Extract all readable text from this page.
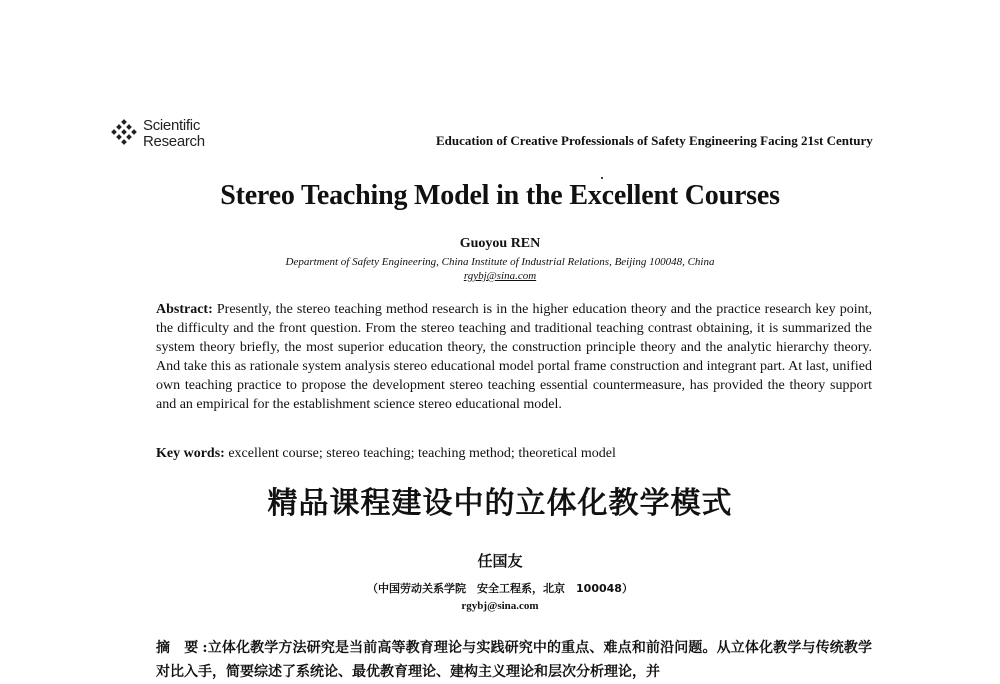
Scientific
Research	Education of Creative Professionals of Safety Engineering Facing 21st Century
Stereo Teaching Model in the Excellent Courses
Guoyou REN
Department of Safety Engineering, China Institute of Industrial Relations, Beijing 100048, China
rgybj@sina.com

Abstract: Presently, the stereo teaching method research is in the higher education theory and the practice research key point, the difficulty and the front question. From the stereo teaching and traditional teaching contrast obtaining, it is summarized the system theory briefly, the most superior education theory, the construction principle theory and the analytic hierarchy theory. And take this as rationale system analysis stereo educational model portal frame construction and integrant part. At last, unified own teaching practice to propose the development stereo teaching essential countermeasure, has provided the theory support and an empirical for the establishment science stereo educational model.

Key words: excellent course; stereo teaching; teaching method; theoretical model

精品课程建设中的立体化教学模式
任国友
（中国劳动关系学院　安全工程系，北京　100048）
rgybj@sina.com

摘　要 :立体化教学方法研究是当前高等教育理论与实践研究中的重点、难点和前沿问题。从立体化教学与传统教学对比入手，简要综述了系统论、最优教育理论、建构主义理论和层次分析理论，并
